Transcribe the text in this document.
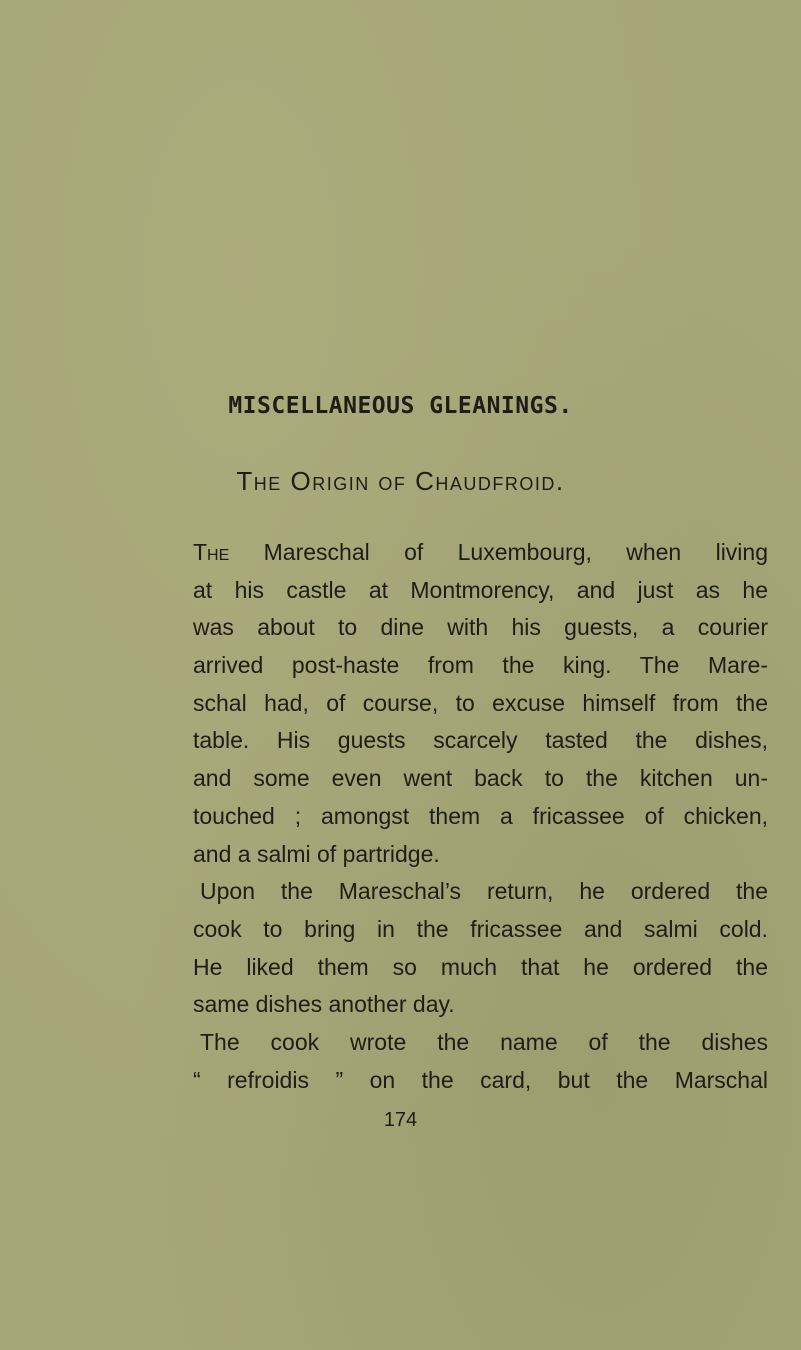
MISCELLANEOUS GLEANINGS.
The Origin of Chaudfroid.
The Mareschal of Luxembourg, when living
at his castle at Montmorency, and just as he
was about to dine with his guests, a courier
arrived post-haste from the king. The Mare-
schal had, of course, to excuse himself from the
table. His guests scarcely tasted the dishes,
and some even went back to the kitchen un-
touched ; amongst them a fricassee of chicken,
and a salmi of partridge.
Upon the Mareschal’s return, he ordered the
cook to bring in the fricassee and salmi cold.
He liked them so much that he ordered the
same dishes another day.
The cook wrote the name of the dishes
“ refroidis ” on the card, but the Marschal
174
